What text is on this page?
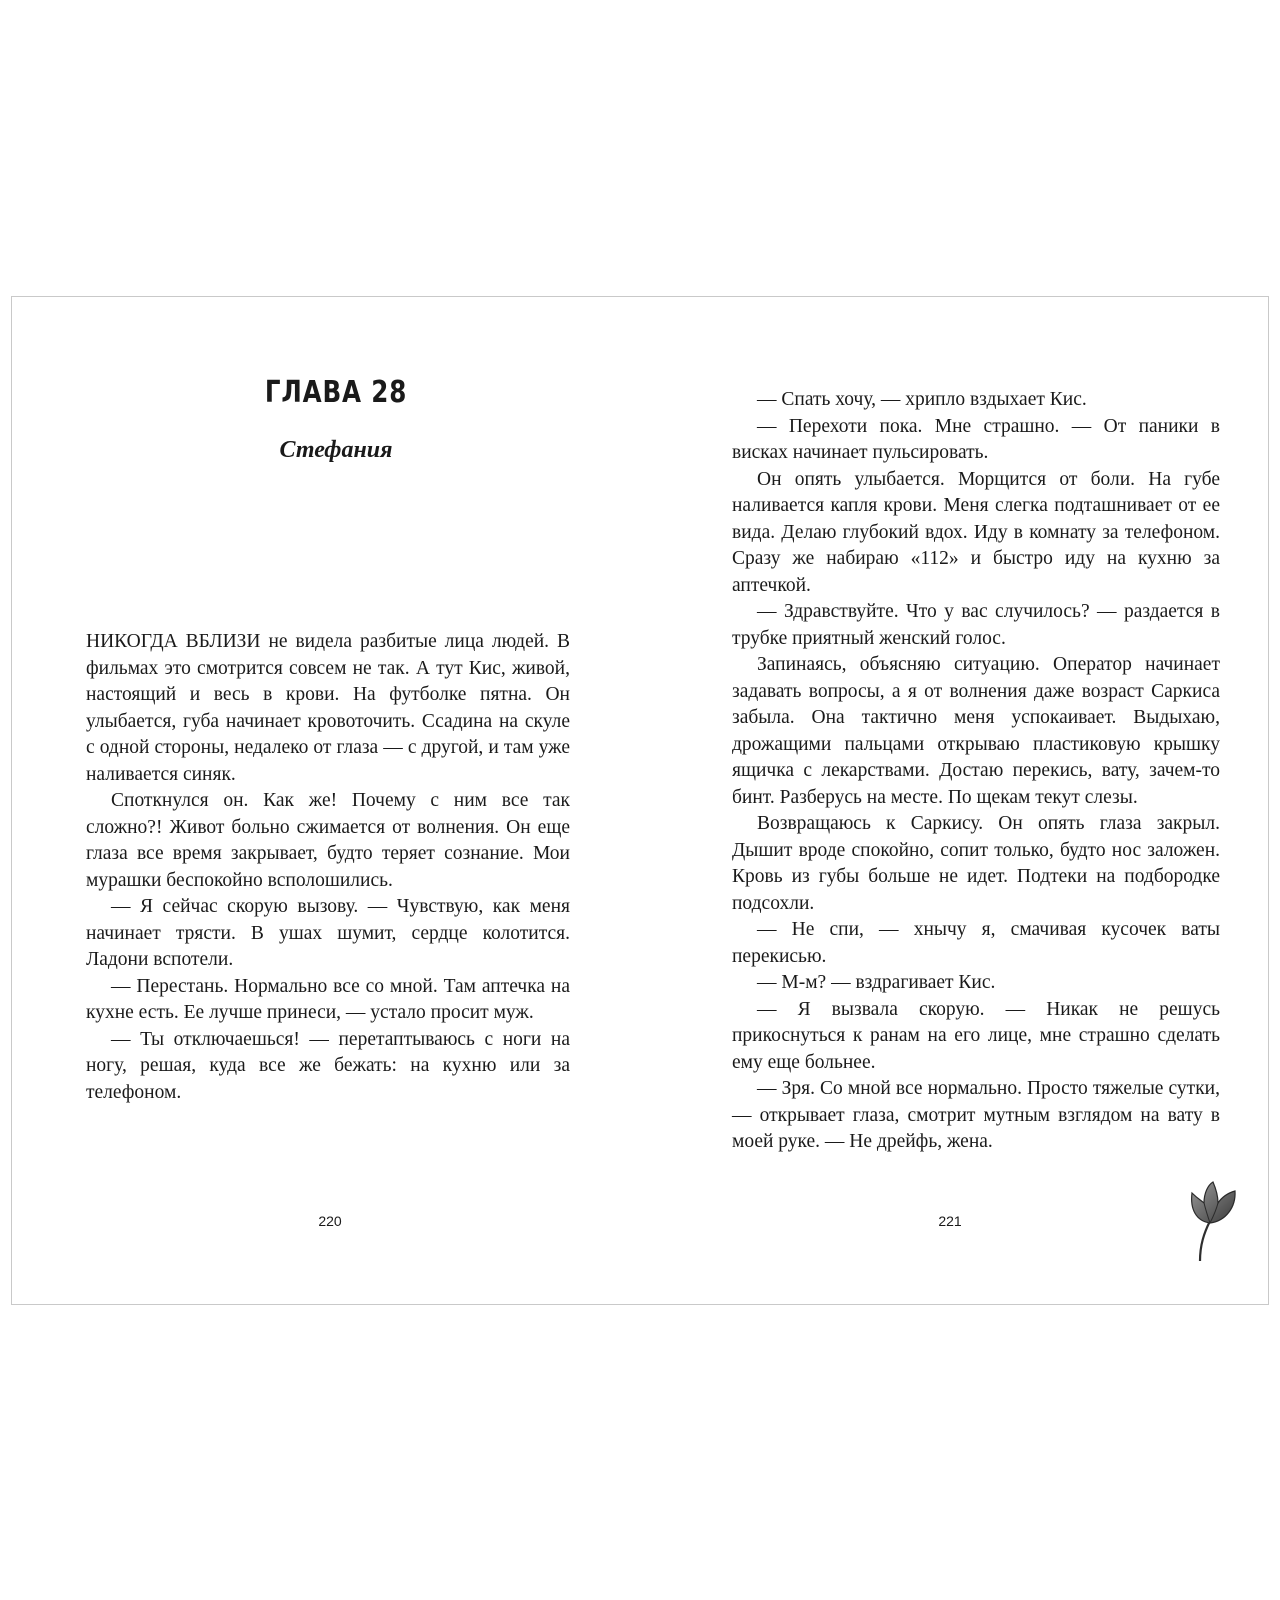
ГЛАВА 28
Стефания

НИКОГДА ВБЛИЗИ не видела разбитые лица людей. В фильмах это смотрится совсем не так. А тут Кис, живой, настоящий и весь в крови. На футболке пятна. Он улыбается, губа начинает кровоточить. Ссадина на скуле с одной стороны, недалеко от глаза — с другой, и там уже наливается синяк.

Споткнулся он. Как же! Почему с ним все так сложно?! Живот больно сжимается от волнения. Он еще глаза все время закрывает, будто теряет сознание. Мои мурашки беспокойно всполошились.

— Я сейчас скорую вызову. — Чувствую, как меня начинает трясти. В ушах шумит, сердце колотится. Ладони вспотели.

— Перестань. Нормально все со мной. Там аптечка на кухне есть. Ее лучше принеси, — устало просит муж.

— Ты отключаешься! — перетаптываюсь с ноги на ногу, решая, куда все же бежать: на кухню или за телефоном.

220

— Спать хочу, — хрипло вздыхает Кис.

— Перехоти пока. Мне страшно. — От паники в висках начинает пульсировать.

Он опять улыбается. Морщится от боли. На губе наливается капля крови. Меня слегка подташнивает от ее вида. Делаю глубокий вдох. Иду в комнату за телефоном. Сразу же набираю «112» и быстро иду на кухню за аптечкой.

— Здравствуйте. Что у вас случилось? — раздается в трубке приятный женский голос.

Запинаясь, объясняю ситуацию. Оператор начинает задавать вопросы, а я от волнения даже возраст Саркиса забыла. Она тактично меня успокаивает. Выдыхаю, дрожащими пальцами открываю пластиковую крышку ящичка с лекарствами. Достаю перекись, вату, зачем-то бинт. Разберусь на месте. По щекам текут слезы.

Возвращаюсь к Саркису. Он опять глаза закрыл. Дышит вроде спокойно, сопит только, будто нос заложен. Кровь из губы больше не идет. Подтеки на подбородке подсохли.

— Не спи, — хнычу я, смачивая кусочек ваты перекисью.

— М-м? — вздрагивает Кис.

— Я вызвала скорую. — Никак не решусь прикоснуться к ранам на его лице, мне страшно сделать ему еще больнее.

— Зря. Со мной все нормально. Просто тяжелые сутки, — открывает глаза, смотрит мутным взглядом на вату в моей руке. — Не дрейфь, жена.

221
